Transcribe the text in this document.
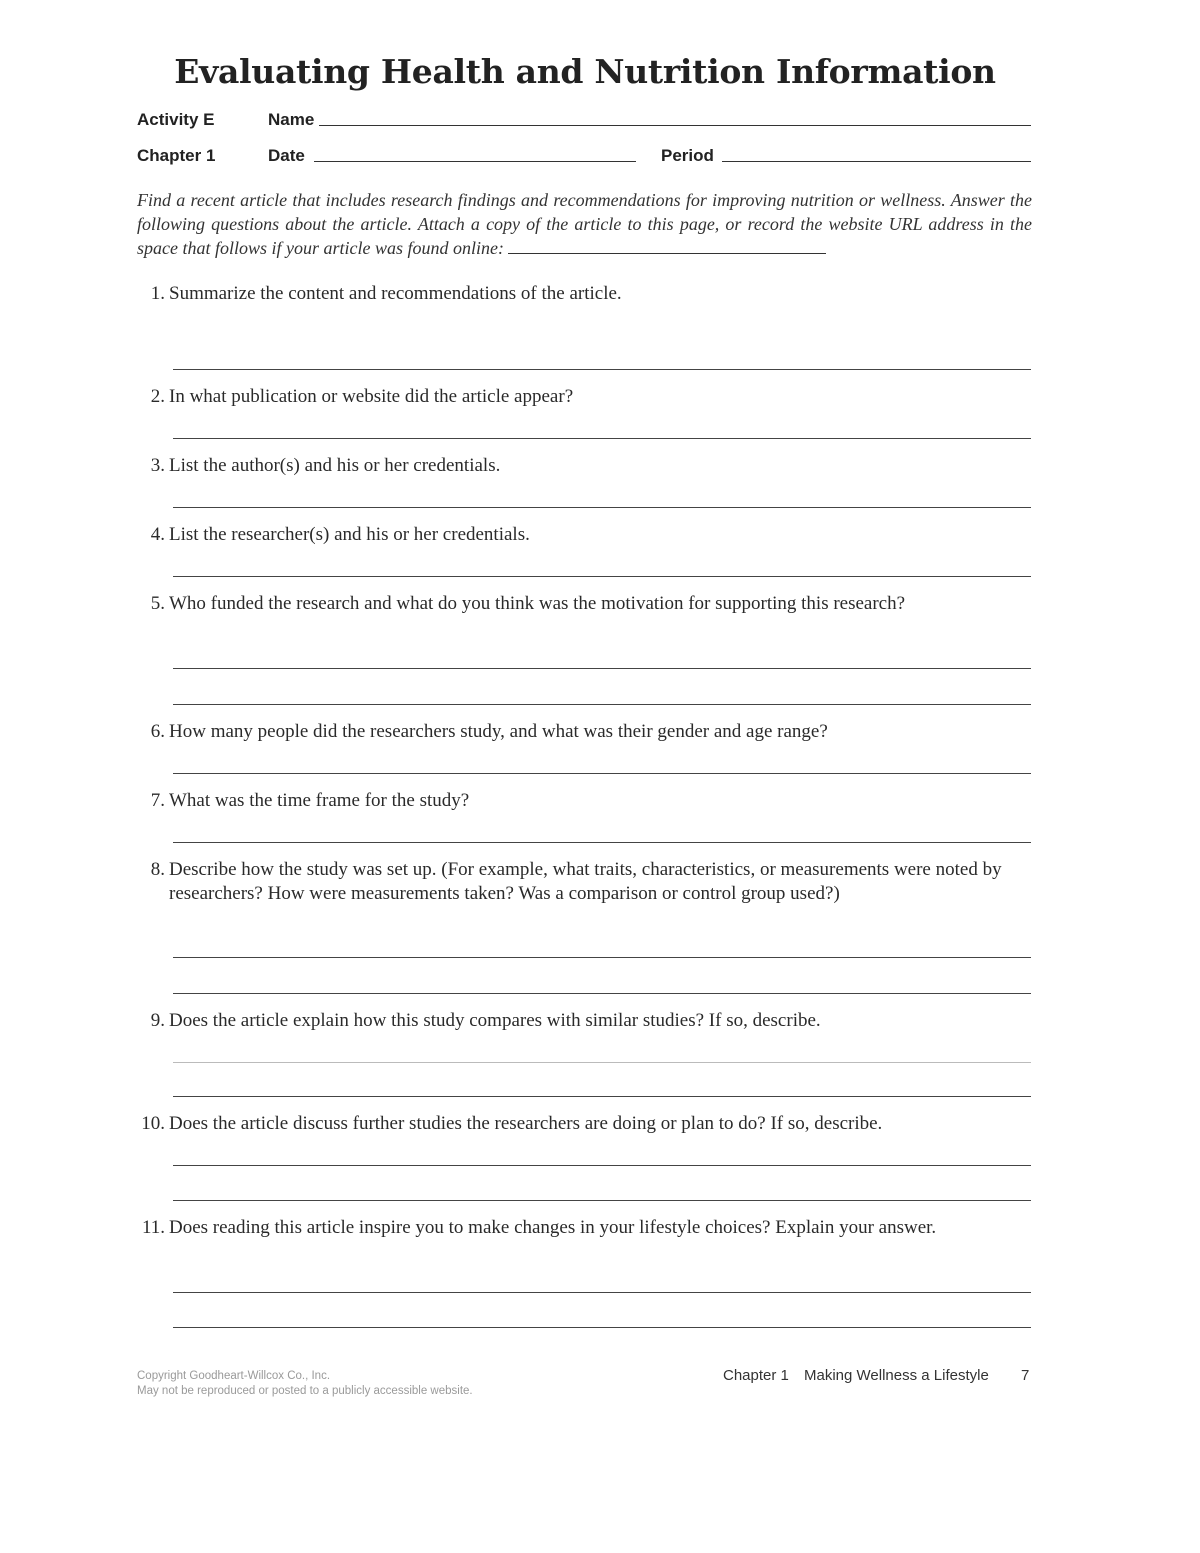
Evaluating Health and Nutrition Information
Activity E	Name
Chapter 1	Date	Period
Find a recent article that includes research findings and recommendations for improving nutrition or wellness. Answer the following questions about the article. Attach a copy of the article to this page, or record the website URL address in the space that follows if your article was found online:
1. Summarize the content and recommendations of the article.
2. In what publication or website did the article appear?
3. List the author(s) and his or her credentials.
4. List the researcher(s) and his or her credentials.
5. Who funded the research and what do you think was the motivation for supporting this research?
6. How many people did the researchers study, and what was their gender and age range?
7. What was the time frame for the study?
8. Describe how the study was set up. (For example, what traits, characteristics, or measurements were noted by researchers? How were measurements taken? Was a comparison or control group used?)
9. Does the article explain how this study compares with similar studies? If so, describe.
10. Does the article discuss further studies the researchers are doing or plan to do? If so, describe.
11. Does reading this article inspire you to make changes in your lifestyle choices? Explain your answer.
Copyright Goodheart-Willcox Co., Inc.
May not be reproduced or posted to a publicly accessible website.
Chapter 1 Making Wellness a Lifestyle 7
